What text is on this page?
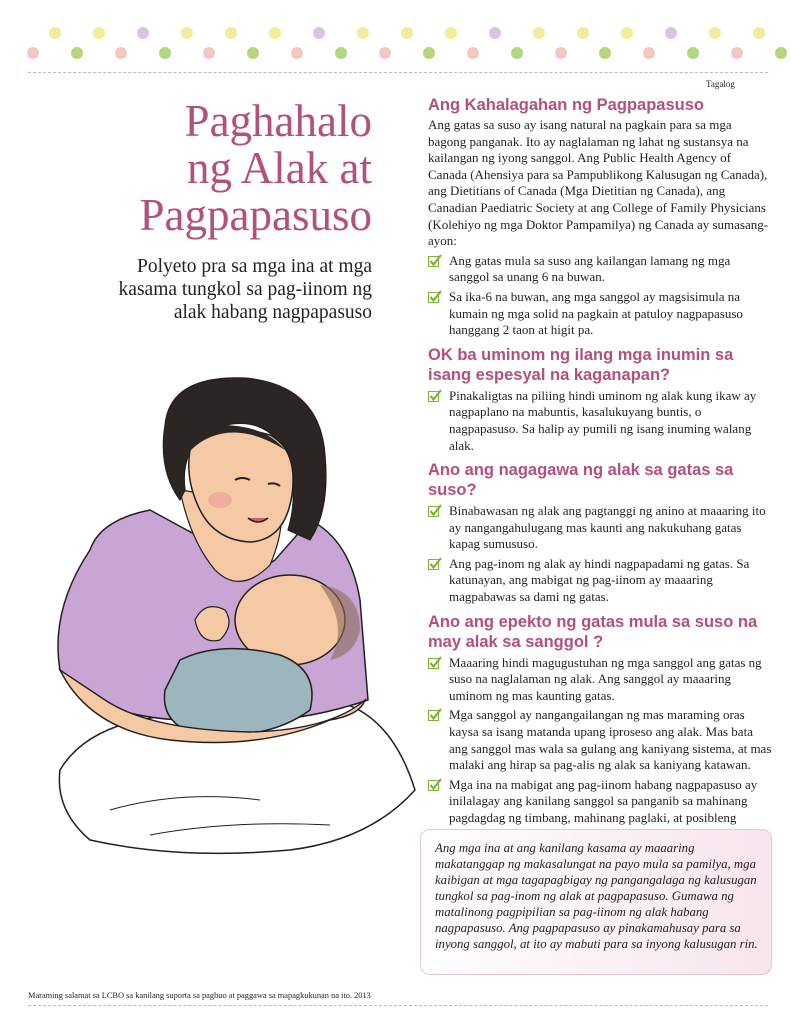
Tagalog
Paghahalo
ng Alak at
Pagpapasuso

Polyeto pra sa mga ina at mga kasama tungkol sa pag-iinom ng alak habang nagpapasuso

Ang Kahalagahan ng Pagpapasuso

Ang gatas sa suso ay isang natural na pagkain para sa mga bagong panganak. Ito ay naglalaman ng lahat ng sustansya na kailangan ng iyong sanggol. Ang Public Health Agency of Canada (Ahensiya para sa Pampublikong Kalusugan ng Canada), ang Dietitians of Canada (Mga Dietitian ng Canada), ang Canadian Paediatric Society at ang College of Family Physicians (Kolehiyo ng mga Doktor Pampamilya) ng Canada ay sumasang-ayon:

Ang gatas mula sa suso ang kailangan lamang ng mga sanggol sa unang 6 na buwan.
Sa ika-6 na buwan, ang mga sanggol ay magsisimula na kumain ng mga solid na pagkain at patuloy nagpapasuso hanggang 2 taon at higit pa.
OK ba uminom ng ilang mga inumin sa isang espesyal na kaganapan?
Pinakaligtas na piliing hindi uminom ng alak kung ikaw ay nagpaplano na mabuntis, kasalukuyang buntis, o nagpapasuso. Sa halip ay pumili ng isang inuming walang alak.
Ano ang nagagawa ng alak sa gatas sa suso?
Binabawasan ng alak ang pagtanggi ng anino at maaaring ito ay nangangahulugang mas kaunti ang nakukuhang gatas kapag sumususo.
Ang pag-inom ng alak ay hindi nagpapadami ng gatas. Sa katunayan, ang mabigat ng pag-iinom ay maaaring magpabawas sa dami ng gatas.
Ano ang epekto ng gatas mula sa suso na may alak sa sanggol ?
Maaaring hindi magugustuhan ng mga sanggol ang gatas ng suso na naglalaman ng alak. Ang sanggol ay maaaring uminom ng mas kaunting gatas.
Mga sanggol ay nangangailangan ng mas maraming oras kaysa sa isang matanda upang iproseso ang alak. Mas bata ang sanggol mas wala sa gulang ang kaniyang sistema, at mas malaki ang hirap sa pag-alis ng alak sa kaniyang katawan.
Mga ina na mabigat ang pag-iinom habang nagpapasuso ay inilalagay ang kanilang sanggol sa panganib sa mahinang pagdagdag ng timbang, mahinang paglaki, at posibleng

Ang mga ina at ang kanilang kasama ay maaaring makatanggap ng makasalungat na payo mula sa pamilya, mga kaibigan at mga tagapagbigay ng pangangalaga ng kalusugan tungkol sa pag-inom ng alak at pagpapasuso. Gumawa ng matalinong pagpipilian sa pag-iinom ng alak habang nagpapasuso. Ang pagpapasuso ay pinakamahusay para sa inyong sanggol, at ito ay mabuti para sa inyong kalusugan rin.

Maraming salamat sa LCBO sa kanilang suporta sa pagbuo at paggawa sa mapagkukunan na ito. 2013
